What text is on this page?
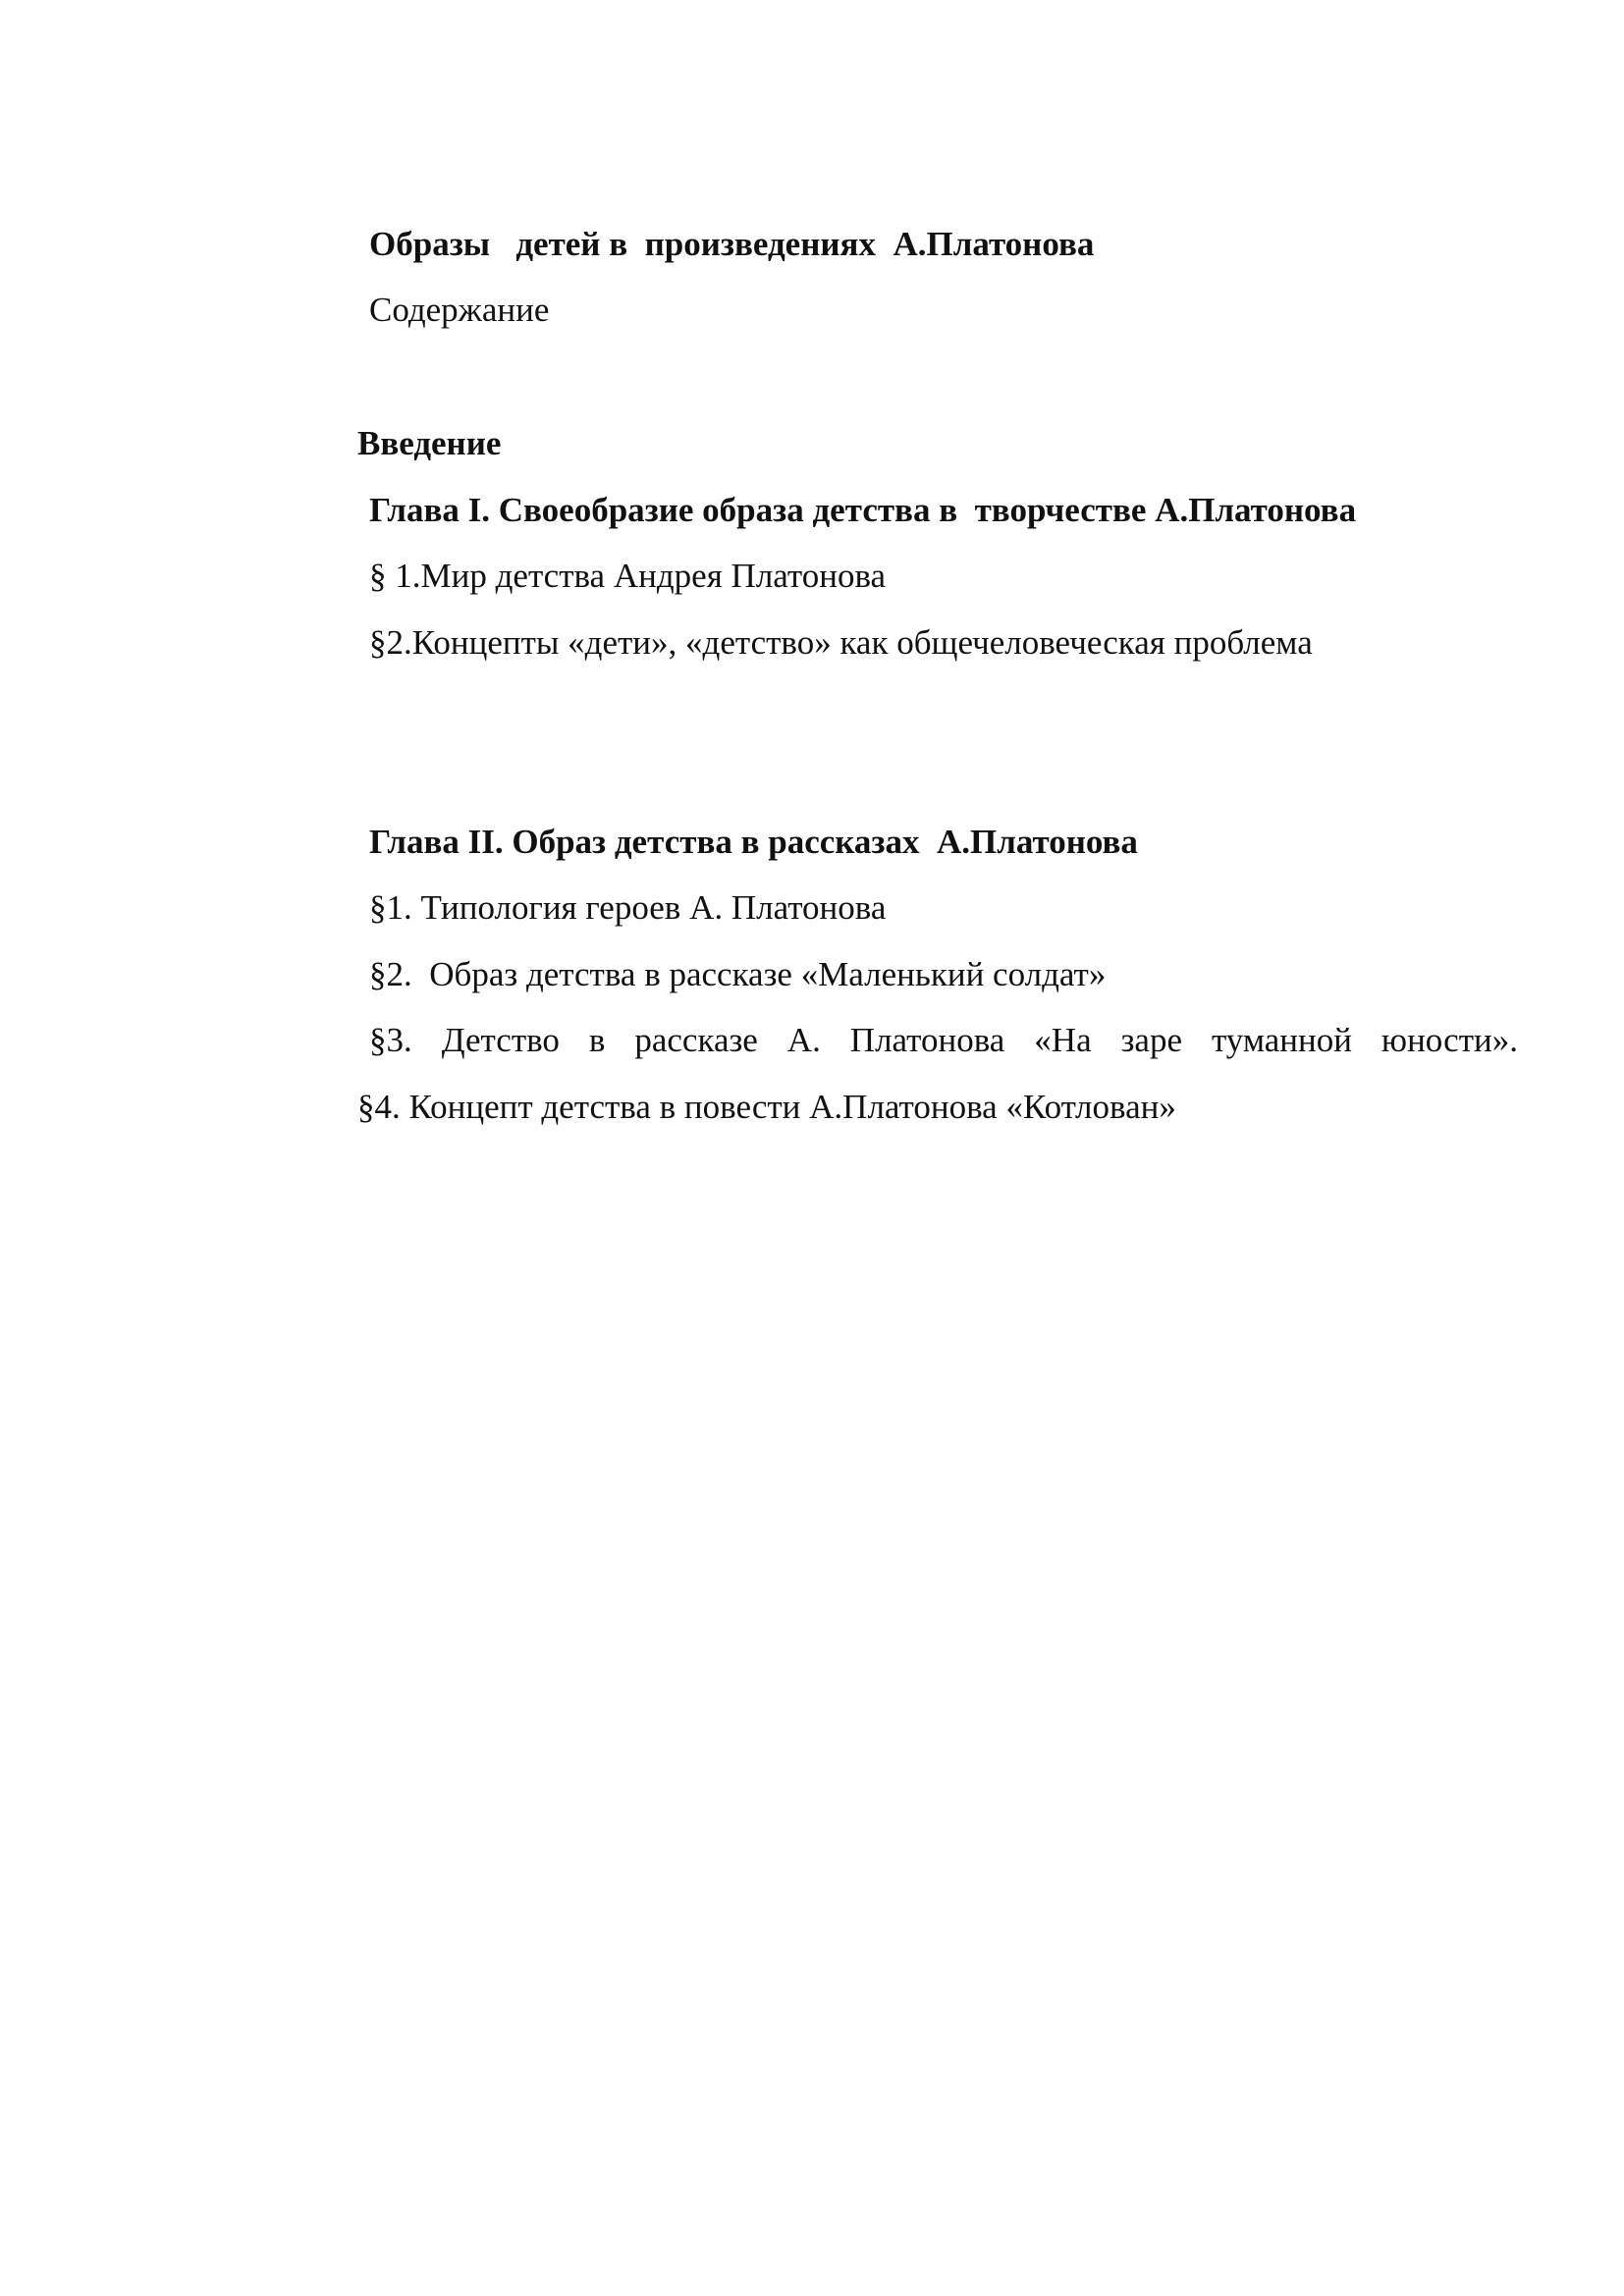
Образы   детей в  произведениях  А.Платонова

Содержание

Введение

Глава I. Своеобразие образа детства в  творчестве А.Платонова

§ 1.Мир детства Андрея Платонова

§2.Концепты «дети», «детство» как общечеловеческая проблема

Глава II. Образ детства в рассказах  А.Платонова

§1. Типология героев А. Платонова

§2.  Образ детства в рассказе «Маленький солдат»

§3. Детство в рассказе А. Платонова «На заре туманной юности».

§4. Концепт детства в повести А.Платонова «Котлован»
